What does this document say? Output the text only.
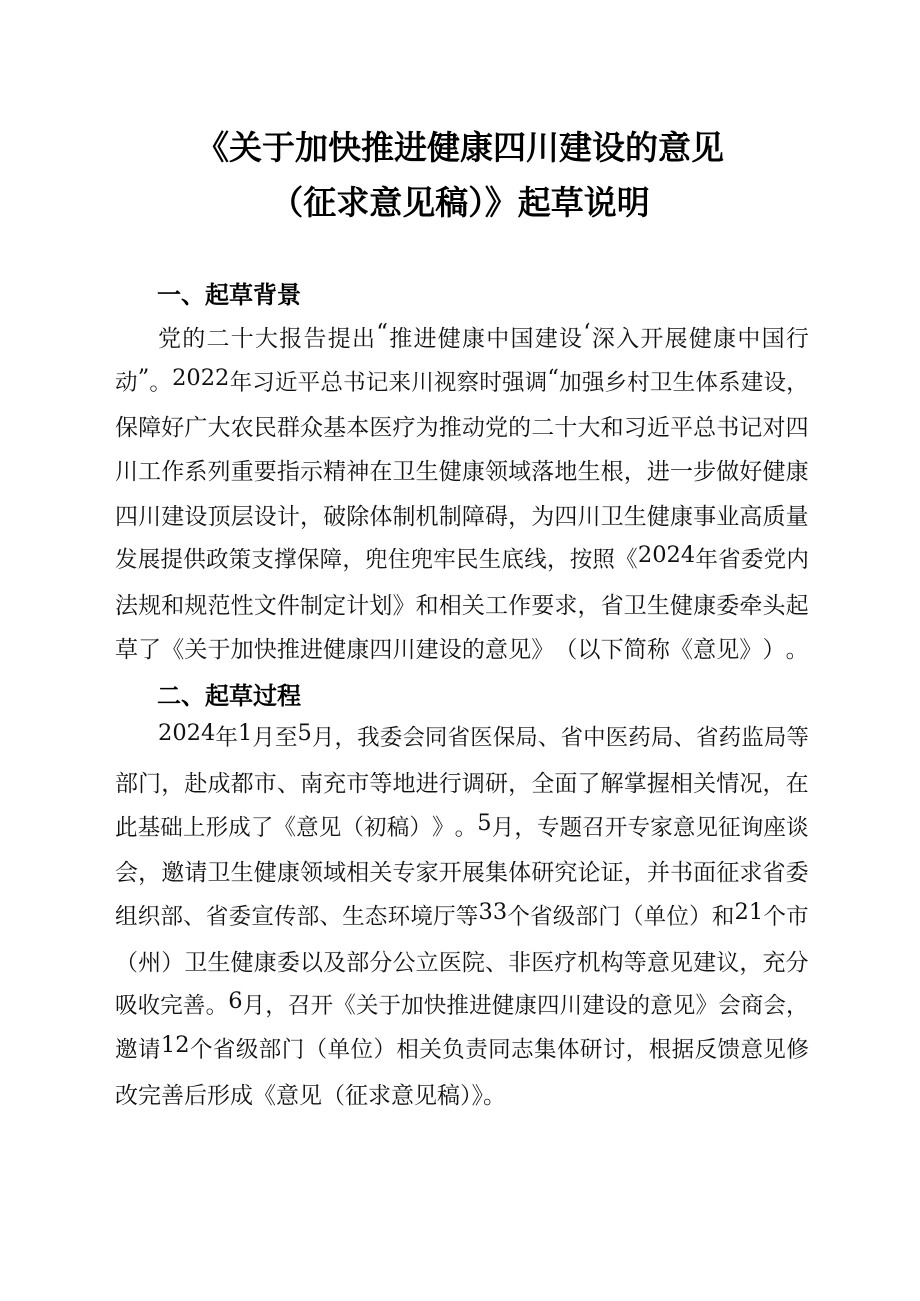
《关于加快推进健康四川建设的意见
（征求意见稿）》起草说明
一、起草背景
党 的 二 十 大 报 告 提 出 “ 推 进 健 康 中 国 建 设 ‘ 深 入 开 展 健 康 中 国 行
动 ” 。 2022 年 习 近 平 总 书 记 来 川 视 察 时 强 调 “ 加 强 乡 村 卫 生 体 系 建 设 ，
保 障 好 广 大 农 民 群 众 基 本 医 疗 为 推 动 党 的 二 十 大 和 习 近 平 总 书 记 对 四
川 工 作 系 列 重 要 指 示 精 神 在 卫 生 健 康 领 域 落 地 生 根 ， 进 一 步 做 好 健 康
四 川 建 设 顶 层 设 计 ， 破 除 体 制 机 制 障 碍 ， 为 四 川 卫 生 健 康 事 业 高 质 量
发 展 提 供 政 策 支 撑 保 障 ， 兜 住 兜 牢 民 生 底 线 ， 按 照 《 2024 年 省 委 党 内
法 规 和 规 范 性 文 件 制 定 计 划 》 和 相 关 工 作 要 求 ， 省 卫 生 健 康 委 牵 头 起
草 了 《 关 于 加 快 推 进 健 康 四 川 建 设 的 意 见 》 （ 以 下 简 称 《 意 见 》 ） 。
二、起草过程
2024 年 1 月 至 5 月 ， 我 委 会 同 省 医 保 局 、 省 中 医 药 局 、 省 药 监 局 等
部 门 ， 赴 成 都 市 、 南 充 市 等 地 进 行 调 研 ， 全 面 了 解 掌 握 相 关 情 况 ， 在
此 基 础 上 形 成 了 《 意 见 （ 初 稿 ） 》 。 5 月 ， 专 题 召 开 专 家 意 见 征 询 座 谈
会 ， 邀 请 卫 生 健 康 领 域 相 关 专 家 开 展 集 体 研 究 论 证 ， 并 书 面 征 求 省 委
组 织 部 、 省 委 宣 传 部 、 生 态 环 境 厅 等 33 个 省 级 部 门 （ 单 位 ） 和 21 个 市
（ 州 ） 卫 生 健 康 委 以 及 部 分 公 立 医 院 、 非 医 疗 机 构 等 意 见 建 议 ， 充 分
吸 收 完 善 。 6 月 ， 召 开 《 关 于 加 快 推 进 健 康 四 川 建 设 的 意 见 》 会 商 会 ，
邀 请 12 个 省 级 部 门 （ 单 位 ） 相 关 负 责 同 志 集 体 研 讨 ， 根 据 反 馈 意 见 修
改完善后形成《意见（征求意见稿）》。
